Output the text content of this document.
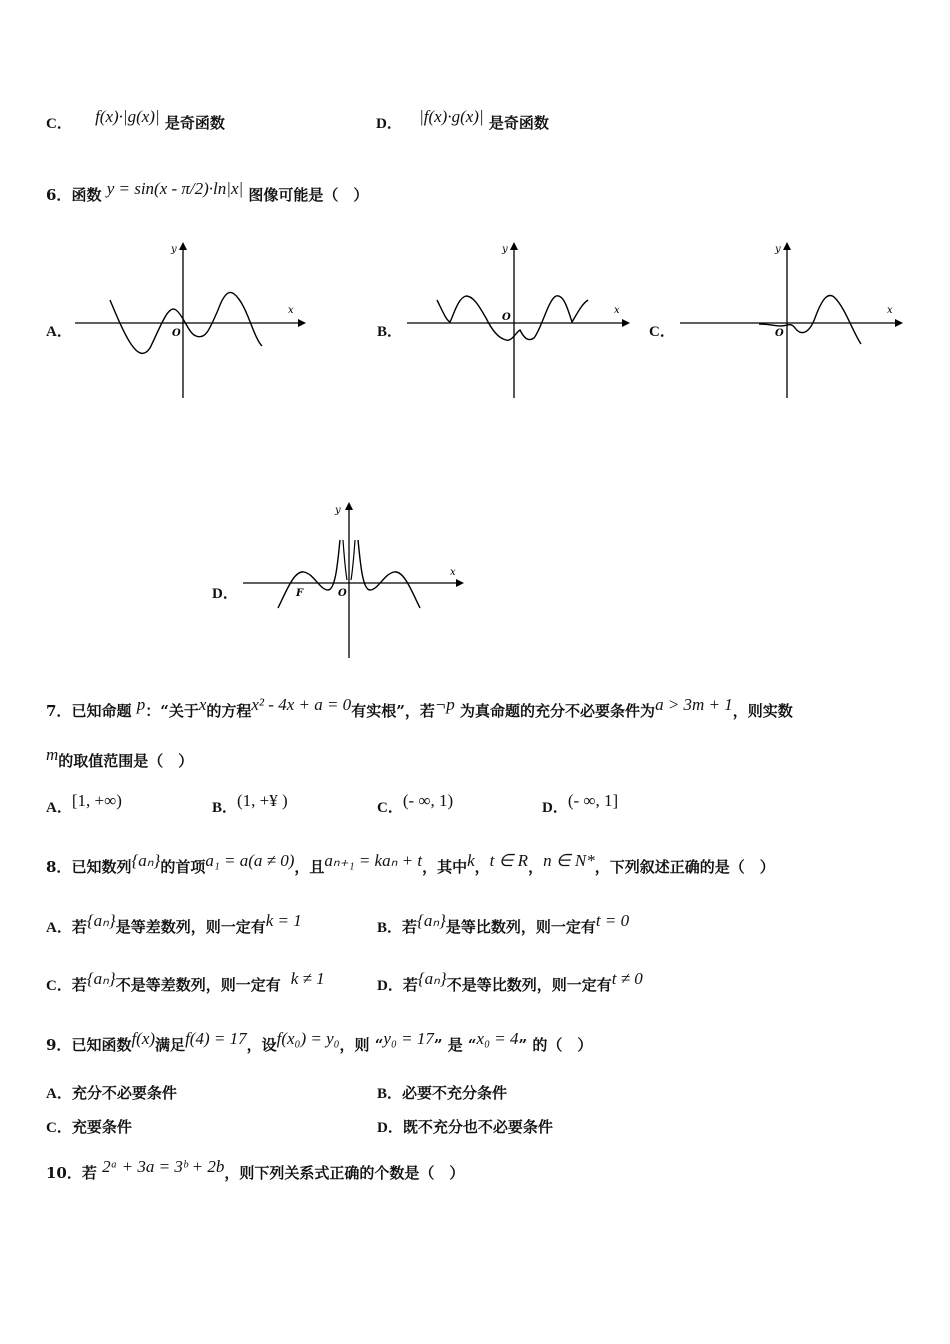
C． f(x)·|g(x)| 是奇函数	D． |f(x)·g(x)| 是奇函数
6．函数 y = sin(x - π/2)·ln|x| 图像可能是（　）
A．
x
y
O	B．
x
y
O
C．
x
y
O
D．
x
y
O
F
7．已知命题 p：“关于x的方程x² - 4x + a = 0有实根”，若¬p 为真命题的充分不必要条件为a > 3m + 1，则实数
m的取值范围是（　）
A．[1, +∞)	B．(1, +¥ )	C．(- ∞, 1)	D．(- ∞, 1]
8．已知数列{aₙ}的首项a₁ = a(a ≠ 0)，且aₙ₊₁ = kaₙ + t，其中k，t ∈ R，n ∈ N*，下列叙述正确的是（　）
A．若{aₙ}是等差数列，则一定有k = 1	B．若{aₙ}是等比数列，则一定有t = 0
C．若{aₙ}不是等差数列，则一定有 k ≠ 1	D．若{aₙ}不是等比数列，则一定有t ≠ 0
9．已知函数f(x)满足f(4) = 17，设f(x₀) = y₀，则 “y₀ = 17” 是 “x₀ = 4” 的（　）
A．充分不必要条件	B．必要不充分条件
C．充要条件	D．既不充分也不必要条件
10．若 2ᵃ + 3a = 3ᵇ + 2b，则下列关系式正确的个数是（　）
